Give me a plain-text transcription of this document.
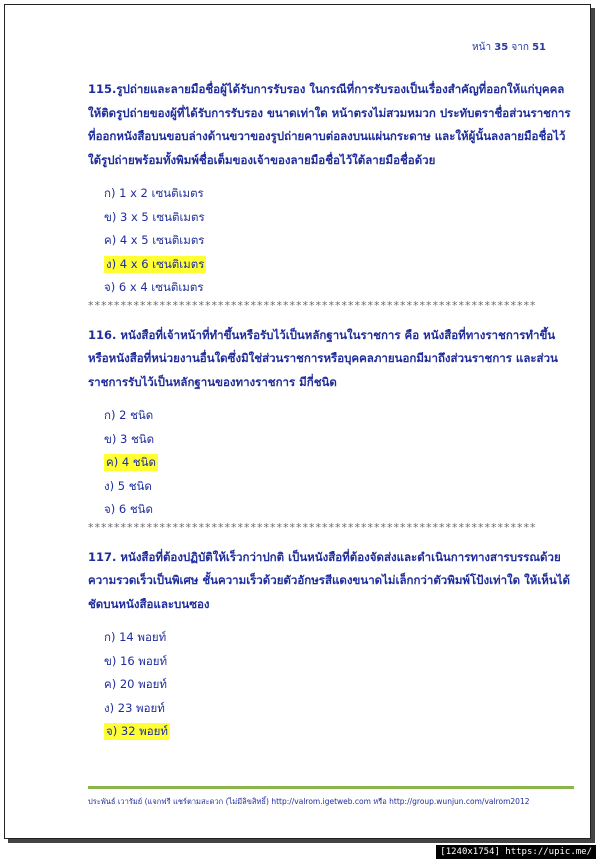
หน้า 35 จาก 51

115.รูปถ่ายและลายมือชื่อผู้ได้รับการรับรอง ในกรณีที่การรับรองเป็นเรื่องสำคัญที่ออกให้แก่บุคคลให้ติดรูปถ่ายของผู้ที่ได้รับการรับรอง ขนาดเท่าใด หน้าตรงไม่สวมหมวก ประทับตราชื่อส่วนราชการที่ออกหนังสือบนขอบล่างด้านขวาของรูปถ่ายคาบต่อลงบนแผ่นกระดาษ และให้ผู้นั้นลงลายมือชื่อไว้ใต้รูปถ่ายพร้อมทั้งพิมพ์ชื่อเต็มของเจ้าของลายมือชื่อไว้ใต้ลายมือชื่อด้วย

ก) 1 x 2 เซนติเมตร
ข) 3 x 5 เซนติเมตร
ค) 4 x 5 เซนติเมตร
ง) 4 x 6 เซนติเมตร
จ) 6 x 4 เซนติเมตร
*********************************************************************

116. หนังสือที่เจ้าหน้าที่ทำขึ้นหรือรับไว้เป็นหลักฐานในราชการ คือ หนังสือที่ทางราชการทำขึ้น หรือหนังสือที่หน่วยงานอื่นใดซึ่งมิใช่ส่วนราชการหรือบุคคลภายนอกมีมาถึงส่วนราชการ และส่วนราชการรับไว้เป็นหลักฐานของทางราชการ มีกี่ชนิด

ก) 2 ชนิด
ข) 3 ชนิด
ค) 4 ชนิด
ง) 5 ชนิด
จ) 6 ชนิด
*********************************************************************

117. หนังสือที่ต้องปฏิบัติให้เร็วกว่าปกติ เป็นหนังสือที่ต้องจัดส่งและดำเนินการทางสารบรรณด้วยความรวดเร็วเป็นพิเศษ ชั้นความเร็วด้วยตัวอักษรสีแดงขนาดไม่เล็กกว่าตัวพิมพ์โป้งเท่าใด ให้เห็นได้ชัดบนหนังสือและบนซอง

ก) 14 พอยท์
ข) 16 พอยท์
ค) 20 พอยท์
ง) 23 พอยท์
จ) 32 พอยท์
ประพันธ์ เวารัมย์ (แจกฟรี แชร์ตามสะดวก (ไม่มีลิขสิทธิ์) http://valrom.igetweb.com หรือ http://group.wunjun.com/valrom2012
[1240x1754] https://upic.me/
